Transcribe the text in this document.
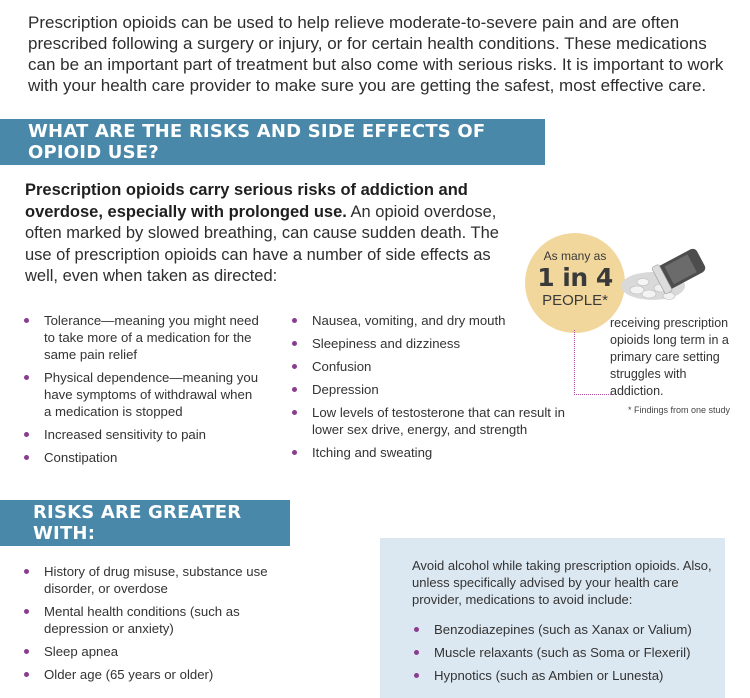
Prescription opioids can be used to help relieve moderate-to-severe pain and are often prescribed following a surgery or injury, or for certain health conditions. These medications can be an important part of treatment but also come with serious risks. It is important to work with your health care provider to make sure you are getting the safest, most effective care.

WHAT ARE THE RISKS AND SIDE EFFECTS OF OPIOID USE?

Prescription opioids carry serious risks of addiction and overdose, especially with prolonged use. An opioid overdose, often marked by slowed breathing, can cause sudden death. The use of prescription opioids can have a number of side effects as well, even when taken as directed:

Tolerance—meaning you might need to take more of a medication for the same pain relief
Physical dependence—meaning you have symptoms of withdrawal when a medication is stopped
Increased sensitivity to pain
Constipation
Nausea, vomiting, and dry mouth
Sleepiness and dizziness
Confusion
Depression
Low levels of testosterone that can result in lower sex drive, energy, and strength
Itching and sweating
As many as
1 in 4
PEOPLE*
receiving prescription opioids long term in a primary care setting struggles with addiction.
* Findings from one study
RISKS ARE GREATER WITH:
History of drug misuse, substance use disorder, or overdose
Mental health conditions (such as depression or anxiety)
Sleep apnea
Older age (65 years or older)
Avoid alcohol while taking prescription opioids. Also, unless specifically advised by your health care provider, medications to avoid include:
Benzodiazepines (such as Xanax or Valium)
Muscle relaxants (such as Soma or Flexeril)
Hypnotics (such as Ambien or Lunesta)
